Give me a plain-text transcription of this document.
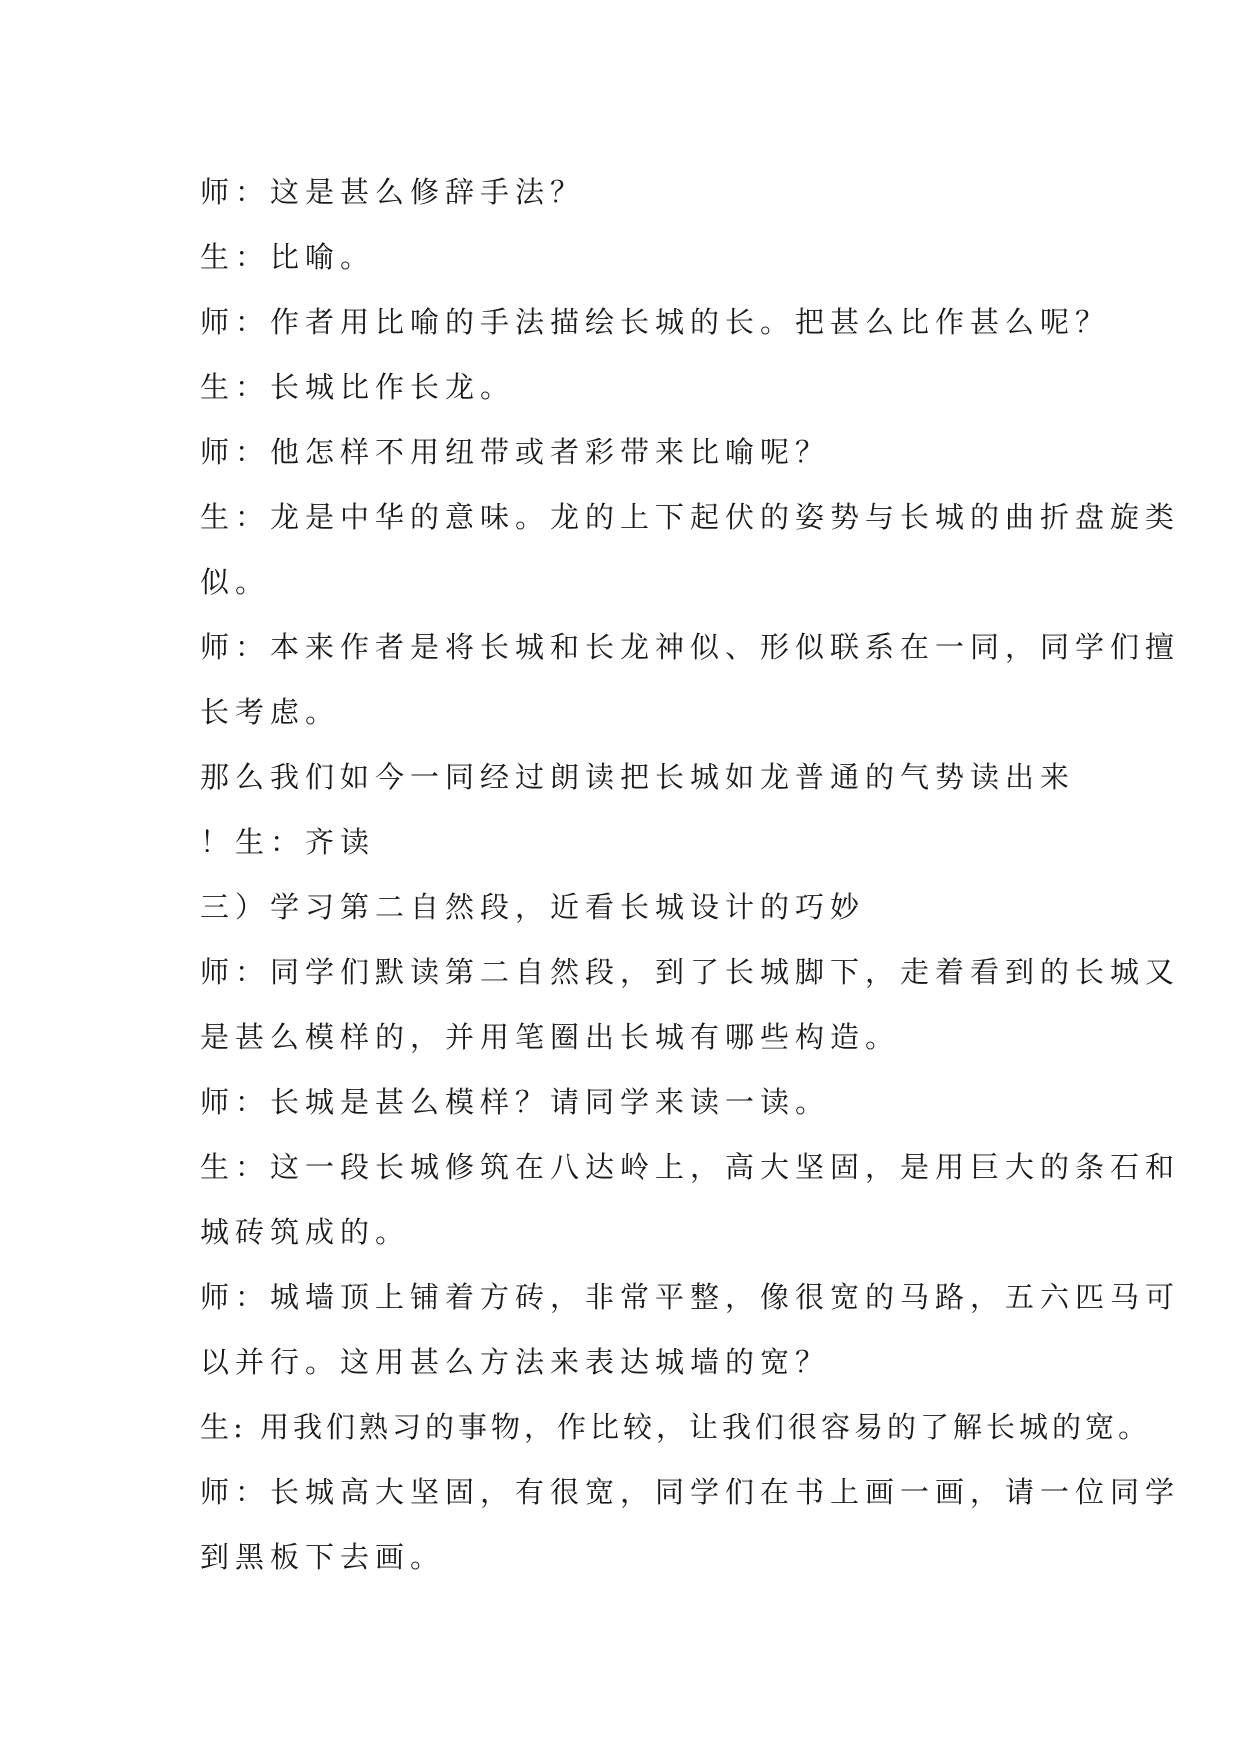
师：这是甚么修辞手法？
生：比喻。
师：作者用比喻的手法描绘长城的长。把甚么比作甚么呢？
生：长城比作长龙。
师：他怎样不用纽带或者彩带来比喻呢？
生：龙是中华的意味。龙的上下起伏的姿势与长城的曲折盘旋类
似。
师：本来作者是将长城和长龙神似、形似联系在一同，同学们擅
长考虑。
那么我们如今一同经过朗读把长城如龙普通的气势读出来
！生：齐读
三）学习第二自然段，近看长城设计的巧妙
师：同学们默读第二自然段，到了长城脚下，走着看到的长城又
是甚么模样的，并用笔圈出长城有哪些构造。
师：长城是甚么模样？请同学来读一读。
生：这一段长城修筑在八达岭上，高大坚固，是用巨大的条石和
城砖筑成的。
师：城墙顶上铺着方砖，非常平整，像很宽的马路，五六匹马可
以并行。这用甚么方法来表达城墙的宽？
生: 用我们熟习的事物，作比较，让我们很容易的了解长城的宽。
师：长城高大坚固，有很宽，同学们在书上画一画，请一位同学
到黑板下去画。
